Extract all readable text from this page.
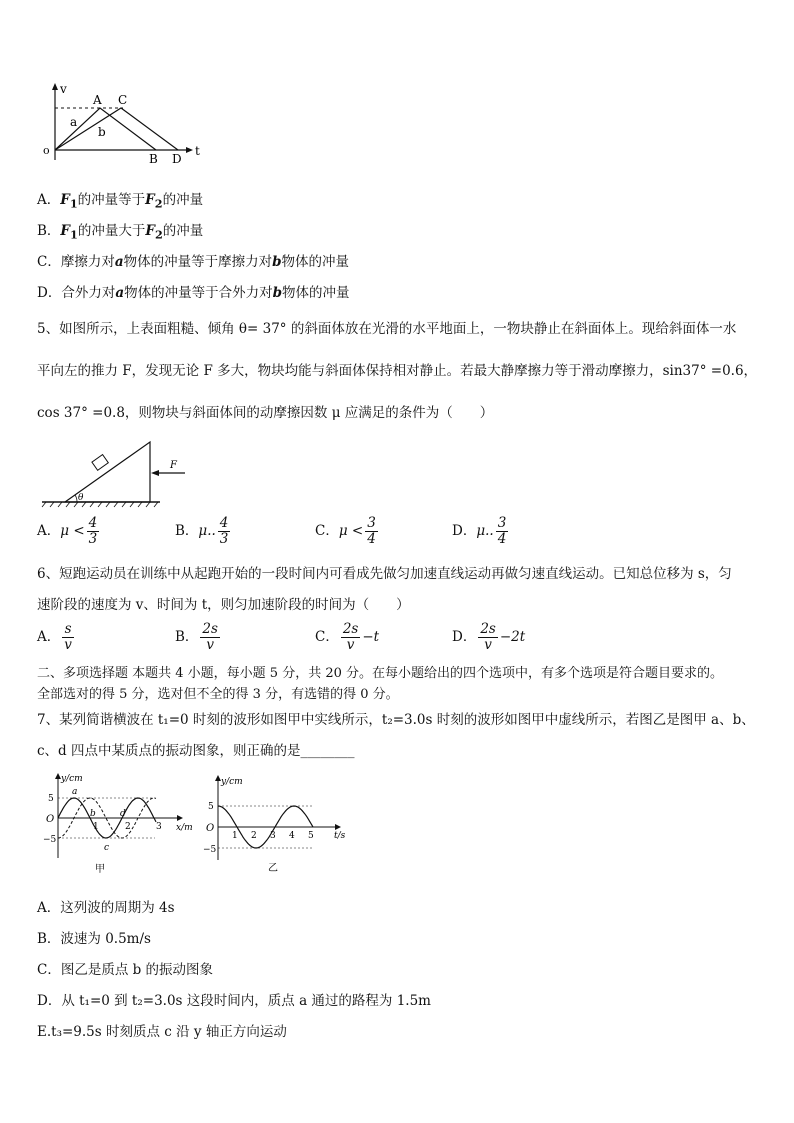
v
t
o
A C
B D
a
b
A．$F_1$的冲量等于$F_2$的冲量
B．$F_1$的冲量大于$F_2$的冲量
C．摩擦力对a物体的冲量等于摩擦力对b物体的冲量
D．合外力对a物体的冲量等于合外力对b物体的冲量
5、如图所示，上表面粗糙、倾角 θ= 37° 的斜面体放在光滑的水平地面上，一物块静止在斜面体上。现给斜面体一水
平向左的推力 F，发现无论 F 多大，物块均能与斜面体保持相对静止。若最大静摩擦力等于滑动摩擦力，sin37° =0.6，
cos 37° =0.8，则物块与斜面体间的动摩擦因数 μ 应满足的条件为（　　）
θ
F
A．$\mu < \frac{4}{3}$	B．μ.. $\frac{4}{3}$	C．$\mu < \frac{3}{4}$	D．μ.. $\frac{3}{4}$
6、短跑运动员在训练中从起跑开始的一段时间内可看成先做匀加速直线运动再做匀速直线运动。已知总位移为 s，匀
速阶段的速度为 v、时间为 t，则匀加速阶段的时间为（　　）
A． $\frac{s}{v}$	B． $\frac{2s}{v}$	C． $\frac{2s}{v} -t$	D． $\frac{2s}{v} -2t$
二、多项选择题 本题共 4 小题，每小题 5 分，共 20 分。在每小题给出的四个选项中，有多个选项是符合题目要求的。
全部选对的得 5 分，选对但不全的得 3 分，有选错的得 0 分。
7、某列简谐横波在 t₁=0 时刻的波形如图甲中实线所示，t₂=3.0s 时刻的波形如图甲中虚线所示，若图乙是图甲 a、b、
c、d 四点中某质点的振动图象，则正确的是________
y/cm
x/m
O
5
−5
1	2	3
a
b
c
d
甲
y/cm
t/s
O
5
−5
1 2 3 4 5
乙
A．这列波的周期为 4s
B．波速为 0.5m/s
C．图乙是质点 b 的振动图象
D．从 t₁=0 到 t₂=3.0s 这段时间内，质点 a 通过的路程为 1.5m
E.t₃=9.5s 时刻质点 c 沿 y 轴正方向运动
